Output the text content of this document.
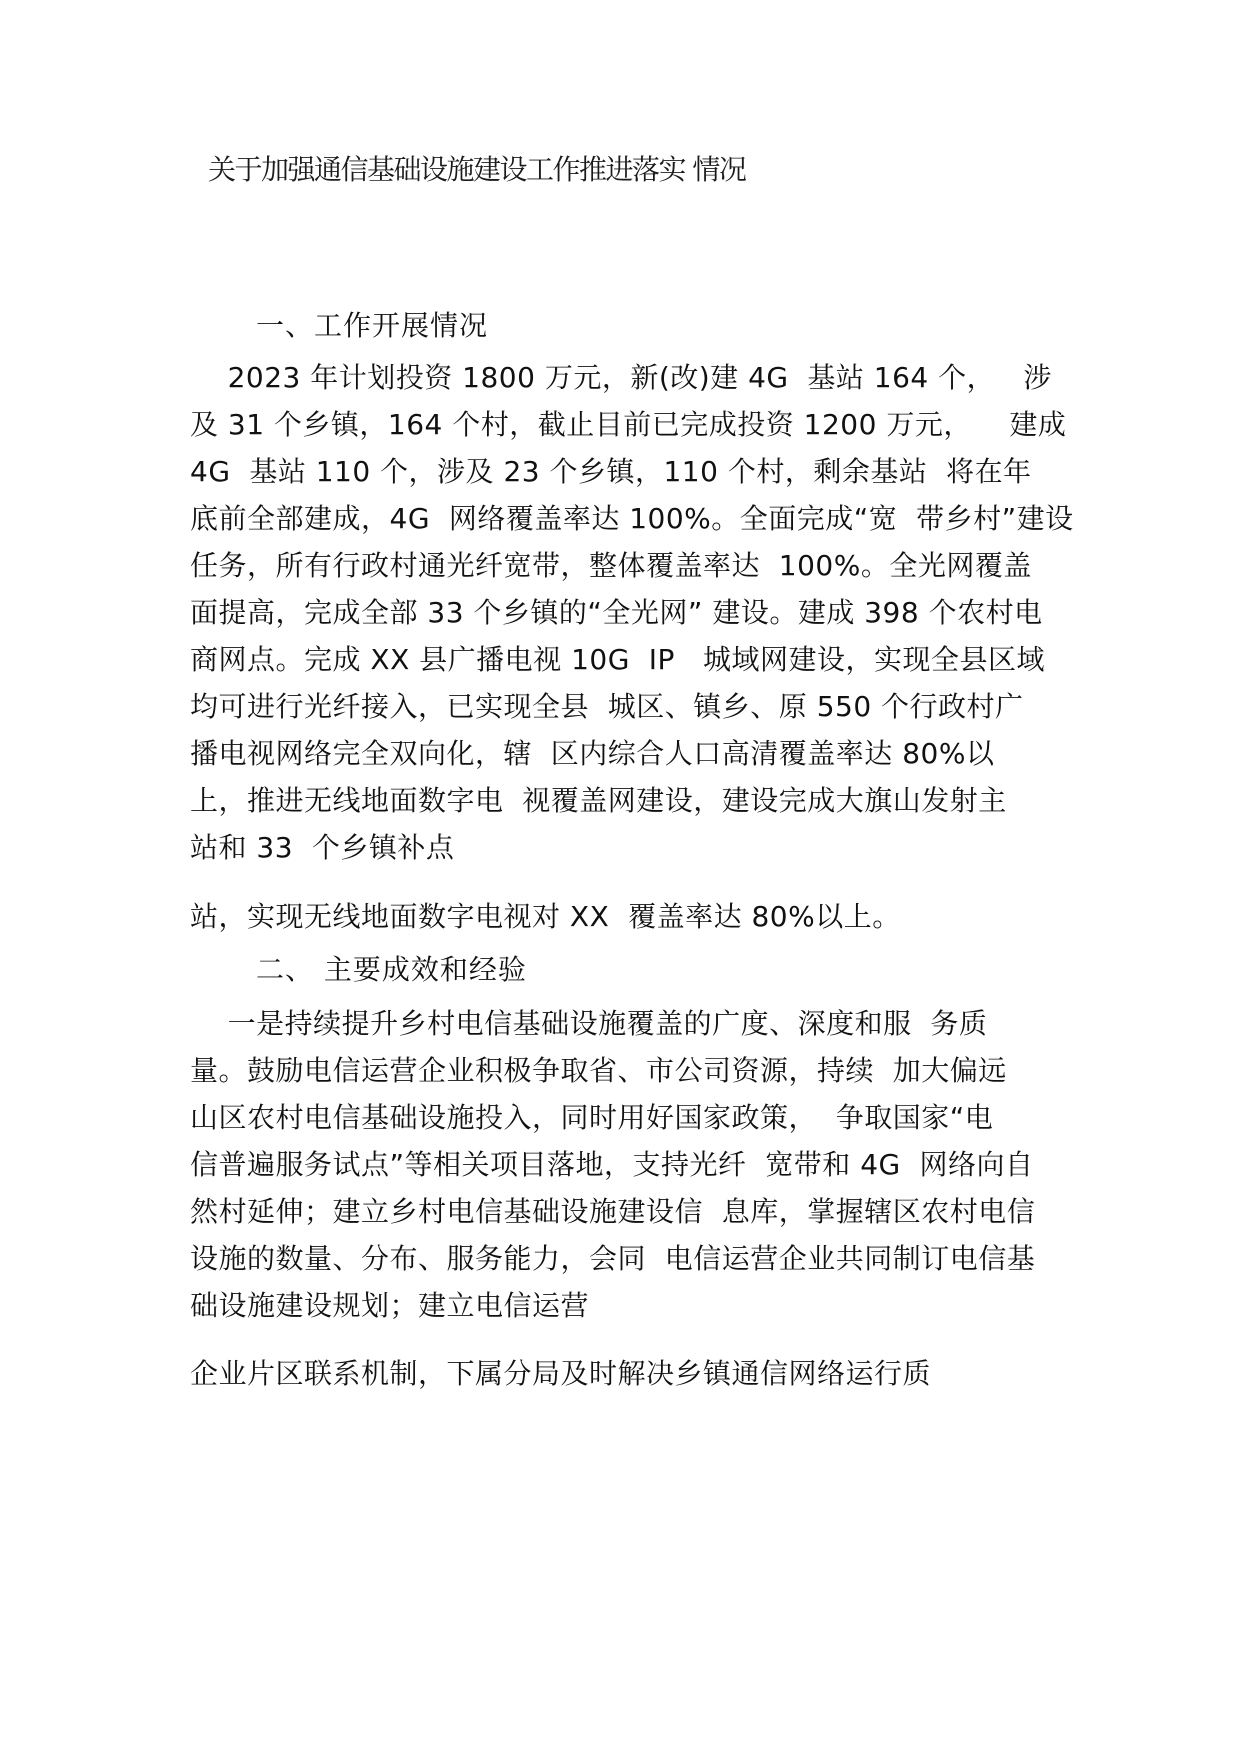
关于加强通信基础设施建设工作推进落实 情况
一、工作开展情况
2023 年计划投资 1800 万元，新(改)建 4G  基站 164 个，   涉
及 31 个乡镇，164 个村，截止目前已完成投资 1200 万元，    建成
4G  基站 110 个，涉及 23 个乡镇，110 个村，剩余基站  将在年
底前全部建成，4G  网络覆盖率达 100%。全面完成“宽  带乡村”建设
任务，所有行政村通光纤宽带，整体覆盖率达  100%。全光网覆盖
面提高，完成全部 33 个乡镇的“全光网” 建设。建成 398 个农村电
商网点。完成 XX 县广播电视 10G  IP   城域网建设，实现全县区域
均可进行光纤接入，已实现全县  城区、镇乡、原 550 个行政村广
播电视网络完全双向化，辖  区内综合人口高清覆盖率达 80%以
上，推进无线地面数字电  视覆盖网建设，建设完成大旗山发射主
站和 33  个乡镇补点
站，实现无线地面数字电视对 XX  覆盖率达 80%以上。
二、 主要成效和经验
一是持续提升乡村电信基础设施覆盖的广度、深度和服  务质
量。鼓励电信运营企业积极争取省、市公司资源，持续  加大偏远
山区农村电信基础设施投入，同时用好国家政策，  争取国家“电
信普遍服务试点”等相关项目落地，支持光纤  宽带和 4G  网络向自
然村延伸；建立乡村电信基础设施建设信  息库，掌握辖区农村电信
设施的数量、分布、服务能力，会同  电信运营企业共同制订电信基
础设施建设规划；建立电信运营
企业片区联系机制，下属分局及时解决乡镇通信网络运行质
